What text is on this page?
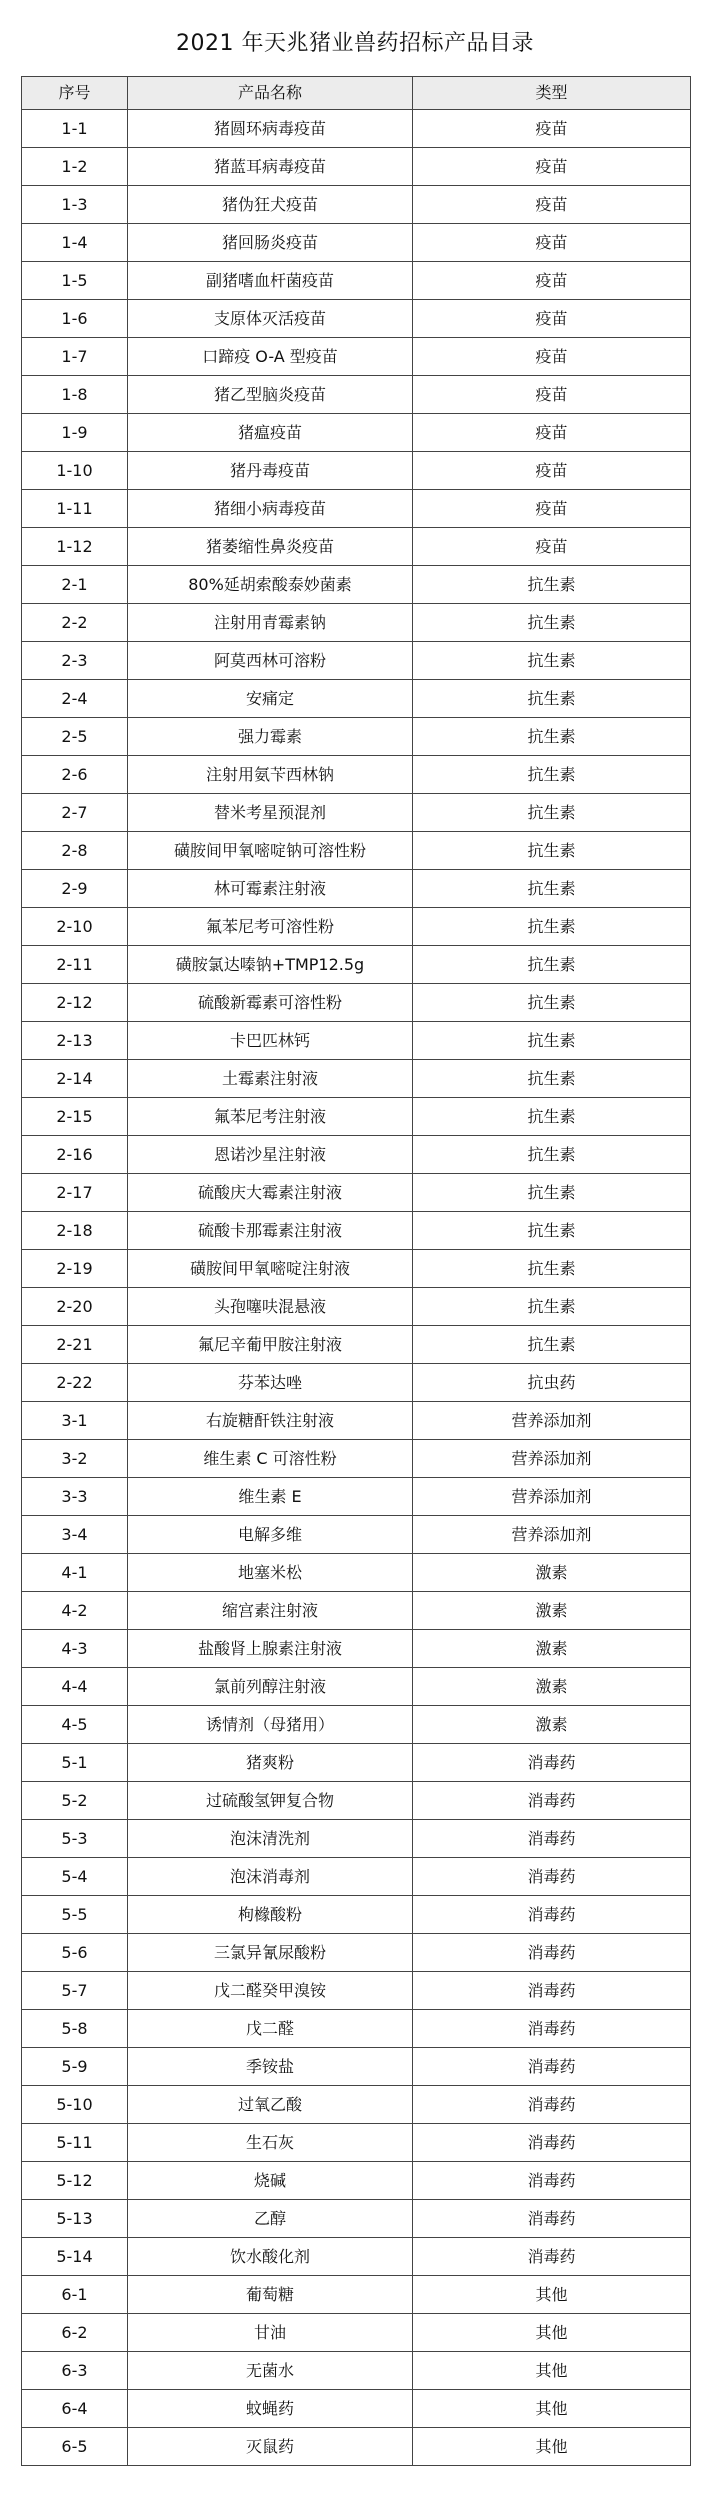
2021 年天兆猪业兽药招标产品目录
序号	产品名称	类型
1-1	猪圆环病毒疫苗	疫苗
1-2	猪蓝耳病毒疫苗	疫苗
1-3	猪伪狂犬疫苗	疫苗
1-4	猪回肠炎疫苗	疫苗
1-5	副猪嗜血杆菌疫苗	疫苗
1-6	支原体灭活疫苗	疫苗
1-7	口蹄疫 O-A 型疫苗	疫苗
1-8	猪乙型脑炎疫苗	疫苗
1-9	猪瘟疫苗	疫苗
1-10	猪丹毒疫苗	疫苗
1-11	猪细小病毒疫苗	疫苗
1-12	猪萎缩性鼻炎疫苗	疫苗
2-1	80%延胡索酸泰妙菌素	抗生素
2-2	注射用青霉素钠	抗生素
2-3	阿莫西林可溶粉	抗生素
2-4	安痛定	抗生素
2-5	强力霉素	抗生素
2-6	注射用氨苄西林钠	抗生素
2-7	替米考星预混剂	抗生素
2-8	磺胺间甲氧嘧啶钠可溶性粉	抗生素
2-9	林可霉素注射液	抗生素
2-10	氟苯尼考可溶性粉	抗生素
2-11	磺胺氯达嗪钠+TMP12.5g	抗生素
2-12	硫酸新霉素可溶性粉	抗生素
2-13	卡巴匹林钙	抗生素
2-14	土霉素注射液	抗生素
2-15	氟苯尼考注射液	抗生素
2-16	恩诺沙星注射液	抗生素
2-17	硫酸庆大霉素注射液	抗生素
2-18	硫酸卡那霉素注射液	抗生素
2-19	磺胺间甲氧嘧啶注射液	抗生素
2-20	头孢噻呋混悬液	抗生素
2-21	氟尼辛葡甲胺注射液	抗生素
2-22	芬苯达唑	抗虫药
3-1	右旋糖酐铁注射液	营养添加剂
3-2	维生素 C 可溶性粉	营养添加剂
3-3	维生素 E	营养添加剂
3-4	电解多维	营养添加剂
4-1	地塞米松	激素
4-2	缩宫素注射液	激素
4-3	盐酸肾上腺素注射液	激素
4-4	氯前列醇注射液	激素
4-5	诱情剂（母猪用）	激素
5-1	猪爽粉	消毒药
5-2	过硫酸氢钾复合物	消毒药
5-3	泡沫清洗剂	消毒药
5-4	泡沫消毒剂	消毒药
5-5	枸橼酸粉	消毒药
5-6	三氯异氰尿酸粉	消毒药
5-7	戊二醛癸甲溴铵	消毒药
5-8	戊二醛	消毒药
5-9	季铵盐	消毒药
5-10	过氧乙酸	消毒药
5-11	生石灰	消毒药
5-12	烧碱	消毒药
5-13	乙醇	消毒药
5-14	饮水酸化剂	消毒药
6-1	葡萄糖	其他
6-2	甘油	其他
6-3	无菌水	其他
6-4	蚊蝇药	其他
6-5	灭鼠药	其他
